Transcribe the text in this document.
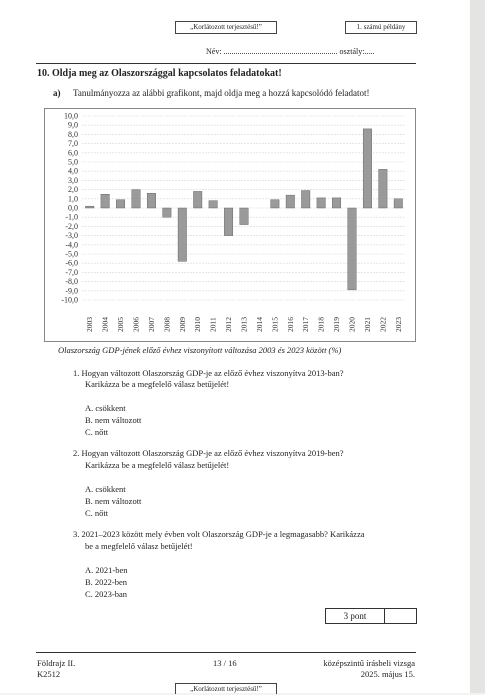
„Korlátozott terjesztésű!”	1. számú példány
Név: ......................................................... osztály:.....
10. Oldja meg az Olaszországgal kapcsolatos feladatokat!
a) Tanulmányozza az alábbi grafikont, majd oldja meg a hozzá kapcsolódó feladatot!
10,0
9,0
8,0
7,0
6,0
5,0
4,0
3,0
2,0
1,0
0,0
-1,0
-2,0
-3,0
-4,0
-5,0
-6,0
-7,0
-8,0
-9,0
-10,0
2003 2004 2005 2006 2007 2008 2009 2010 2011 2012 2013 2014 2015 2016 2017 2018 2019 2020 2021 2022 2023
Olaszország GDP-jének előző évhez viszonyított változása 2003 és 2023 között (%)
1. Hogyan változott Olaszország GDP-je az előző évhez viszonyítva 2013-ban?
Karikázza be a megfelelő válasz betűjelét!
A. csökkent
B. nem változott
C. nőtt
2. Hogyan változott Olaszország GDP-je az előző évhez viszonyítva 2019-ben?
Karikázza be a megfelelő válasz betűjelét!
A. csökkent
B. nem változott
C. nőtt
3. 2021–2023 között mely évben volt Olaszország GDP-je a legmagasabb? Karikázza
be a megfelelő válasz betűjelét!
A. 2021-ben
B. 2022-ben
C. 2023-ban
3 pont
Földrajz II.
K2512
13 / 16	középszintű írásbeli vizsga
2025. május 15.
„Korlátozott terjesztésű!”
